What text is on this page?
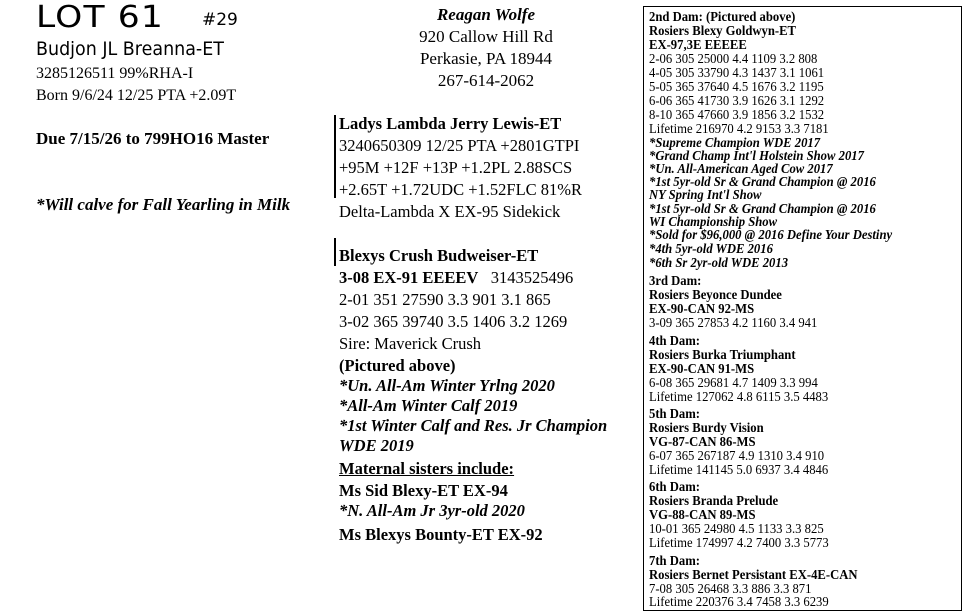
LOT 61 #29
Budjon JL Breanna-ET
3285126511 99%RHA-I
Born 9/6/24 12/25 PTA +2.09T
Due 7/15/26 to 799HO16 Master
*Will calve for Fall Yearling in Milk
Reagan Wolfe
920 Callow Hill Rd
Perkasie, PA 18944
267-614-2062
Ladys Lambda Jerry Lewis-ET
3240650309 12/25 PTA +2801GTPI
+95M +12F +13P +1.2PL 2.88SCS
+2.65T +1.72UDC +1.52FLC 81%R
Delta-Lambda X EX-95 Sidekick
Blexys Crush Budweiser-ET
3-08 EX-91 EEEEV 3143525496
2-01 351 27590 3.3 901 3.1 865
3-02 365 39740 3.5 1406 3.2 1269
Sire: Maverick Crush
(Pictured above)
*Un. All-Am Winter Yrlng 2020
*All-Am Winter Calf 2019
*1st Winter Calf and Res. Jr Champion
WDE 2019
Maternal sisters include:
Ms Sid Blexy-ET EX-94
*N. All-Am Jr 3yr-old 2020
Ms Blexys Bounty-ET EX-92
2nd Dam: (Pictured above)
Rosiers Blexy Goldwyn-ET
EX-97,3E EEEEE
2-06 305 25000 4.4 1109 3.2 808
4-05 305 33790 4.3 1437 3.1 1061
5-05 365 37640 4.5 1676 3.2 1195
6-06 365 41730 3.9 1626 3.1 1292
8-10 365 47660 3.9 1856 3.2 1532
Lifetime 216970 4.2 9153 3.3 7181
*Supreme Champion WDE 2017
*Grand Champ Int'l Holstein Show 2017
*Un. All-American Aged Cow 2017
*1st 5yr-old Sr & Grand Champion @ 2016
NY Spring Int'l Show
*1st 5yr-old Sr & Grand Champion @ 2016
WI Championship Show
*Sold for $96,000 @ 2016 Define Your Destiny
*4th 5yr-old WDE 2016
*6th Sr 2yr-old WDE 2013
3rd Dam:
Rosiers Beyonce Dundee
EX-90-CAN 92-MS
3-09 365 27853 4.2 1160 3.4 941
4th Dam:
Rosiers Burka Triumphant
EX-90-CAN 91-MS
6-08 365 29681 4.7 1409 3.3 994
Lifetime 127062 4.8 6115 3.5 4483
5th Dam:
Rosiers Burdy Vision
VG-87-CAN 86-MS
6-07 365 267187 4.9 1310 3.4 910
Lifetime 141145 5.0 6937 3.4 4846
6th Dam:
Rosiers Branda Prelude
VG-88-CAN 89-MS
10-01 365 24980 4.5 1133 3.3 825
Lifetime 174997 4.2 7400 3.3 5773
7th Dam:
Rosiers Bernet Persistant EX-4E-CAN
7-08 305 26468 3.3 886 3.3 871
Lifetime 220376 3.4 7458 3.3 6239
